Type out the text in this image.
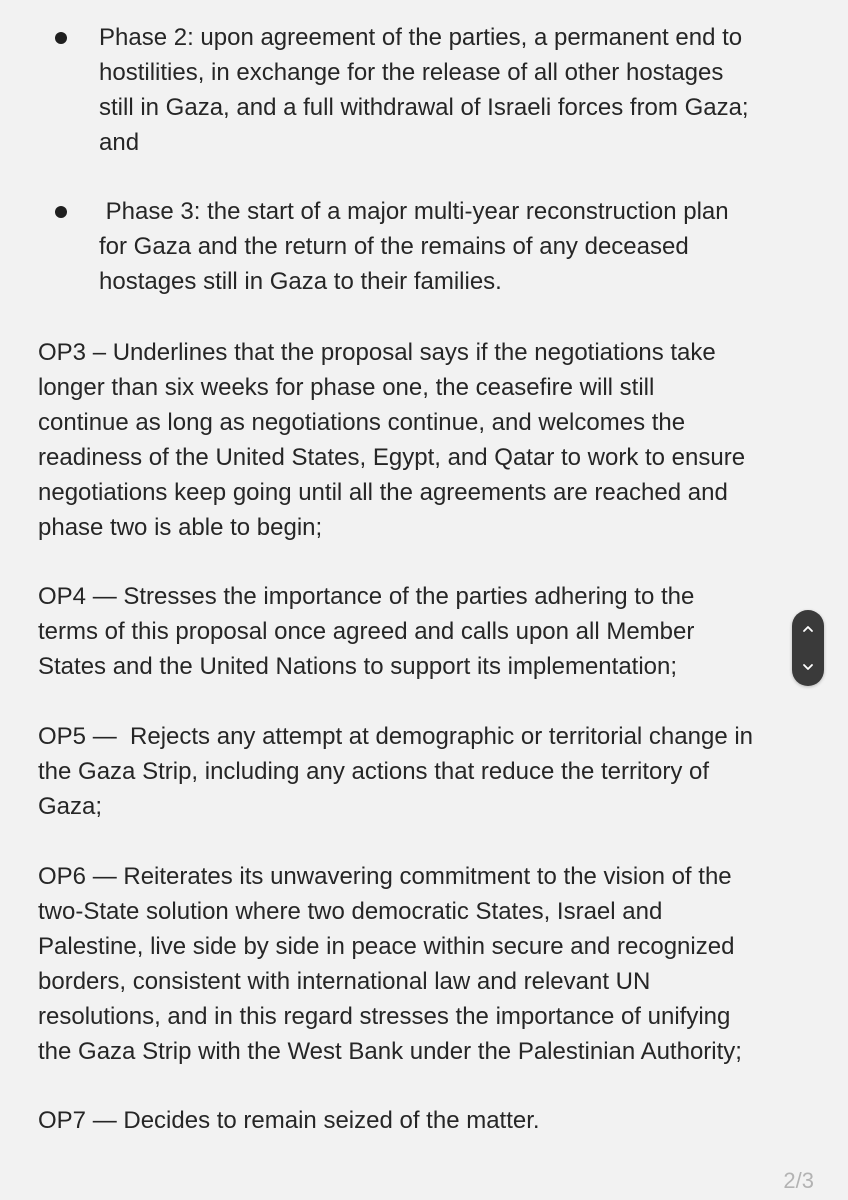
Phase 2: upon agreement of the parties, a permanent end to
hostilities, in exchange for the release of all other hostages
still in Gaza, and a full withdrawal of Israeli forces from Gaza;
and
Phase 3: the start of a major multi-year reconstruction plan
for Gaza and the return of the remains of any deceased
hostages still in Gaza to their families.
OP3 – Underlines that the proposal says if the negotiations take
longer than six weeks for phase one, the ceasefire will still
continue as long as negotiations continue, and welcomes the
readiness of the United States, Egypt, and Qatar to work to ensure
negotiations keep going until all the agreements are reached and
phase two is able to begin;
OP4 — Stresses the importance of the parties adhering to the
terms of this proposal once agreed and calls upon all Member
States and the United Nations to support its implementation;
OP5 —  Rejects any attempt at demographic or territorial change in
the Gaza Strip, including any actions that reduce the territory of
Gaza;
OP6 — Reiterates its unwavering commitment to the vision of the
two-State solution where two democratic States, Israel and
Palestine, live side by side in peace within secure and recognized
borders, consistent with international law and relevant UN
resolutions, and in this regard stresses the importance of unifying
the Gaza Strip with the West Bank under the Palestinian Authority;
OP7 — Decides to remain seized of the matter.
2/3
